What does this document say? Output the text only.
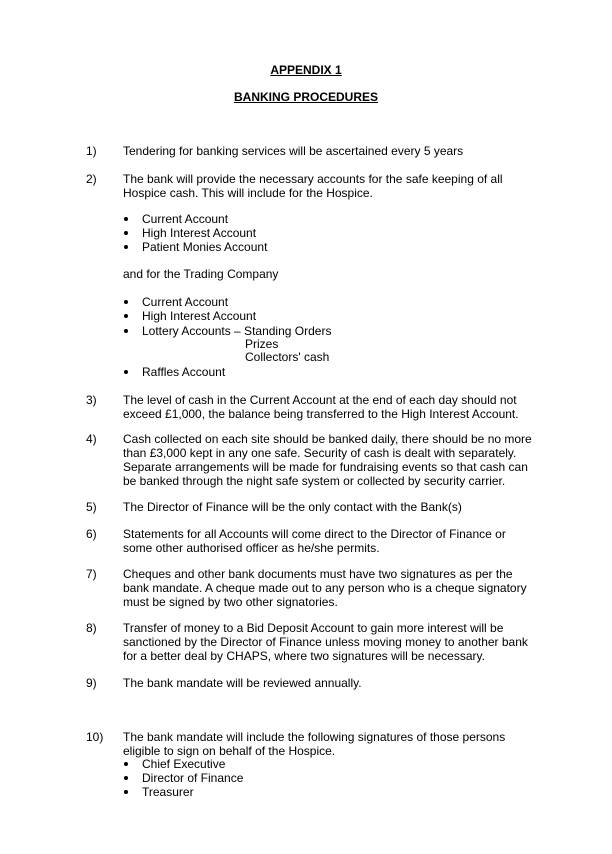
APPENDIX 1
BANKING PROCEDURES
1) Tendering for banking services will be ascertained every 5 years
2) The bank will provide the necessary accounts for the safe keeping of all
Hospice cash. This will include for the Hospice.
Current Account
High Interest Account
Patient Monies Account
and for the Trading Company
Current Account
High Interest Account
Lottery Accounts – Standing Orders
Prizes
Collectors' cash
Raffles Account
3) The level of cash in the Current Account at the end of each day should not
exceed £1,000, the balance being transferred to the High Interest Account.
4) Cash collected on each site should be banked daily, there should be no more
than £3,000 kept in any one safe. Security of cash is dealt with separately.
Separate arrangements will be made for fundraising events so that cash can
be banked through the night safe system or collected by security carrier.
5) The Director of Finance will be the only contact with the Bank(s)
6) Statements for all Accounts will come direct to the Director of Finance or
some other authorised officer as he/she permits.
7) Cheques and other bank documents must have two signatures as per the
bank mandate. A cheque made out to any person who is a cheque signatory
must be signed by two other signatories.
8) Transfer of money to a Bid Deposit Account to gain more interest will be
sanctioned by the Director of Finance unless moving money to another bank
for a better deal by CHAPS, where two signatures will be necessary.
9) The bank mandate will be reviewed annually.
10) The bank mandate will include the following signatures of those persons
eligible to sign on behalf of the Hospice.
Chief Executive
Director of Finance
Treasurer
